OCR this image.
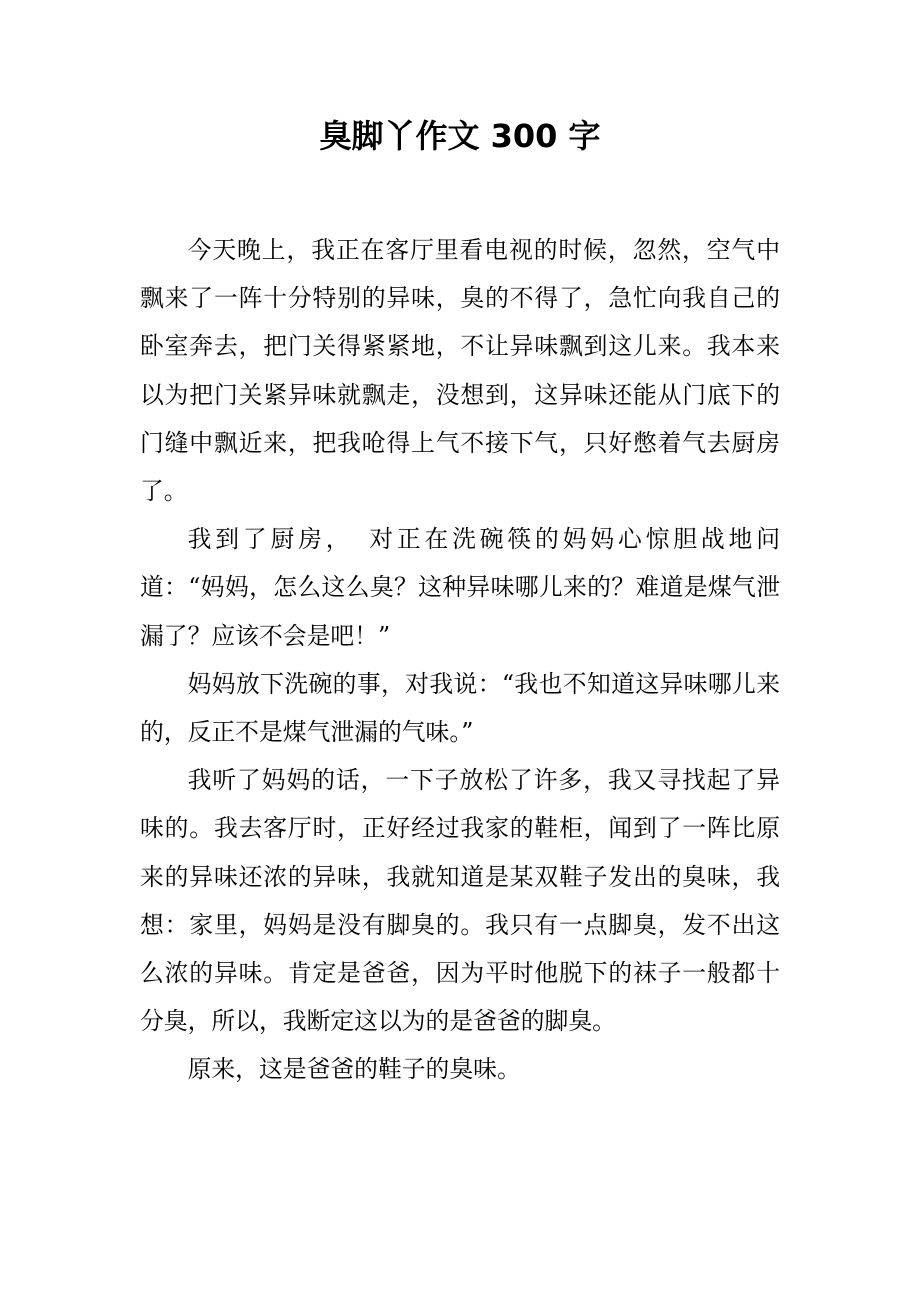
臭脚丫作文 300 字

今天晚上，我正在客厅里看电视的时候，忽然，空气中飘来了一阵十分特别的异味，臭的不得了，急忙向我自己的卧室奔去，把门关得紧紧地，不让异味飘到这儿来。我本来以为把门关紧异味就飘走，没想到，这异味还能从门底下的门缝中飘近来，把我呛得上气不接下气，只好憋着气去厨房了。

我到了厨房，　对正在洗碗筷的妈妈心惊胆战地问道：“妈妈，怎么这么臭？这种异味哪儿来的？难道是煤气泄漏了？应该不会是吧！”

妈妈放下洗碗的事，对我说：“我也不知道这异味哪儿来的，反正不是煤气泄漏的气味。”

我听了妈妈的话，一下子放松了许多，我又寻找起了异味的。我去客厅时，正好经过我家的鞋柜，闻到了一阵比原来的异味还浓的异味，我就知道是某双鞋子发出的臭味，我想：家里，妈妈是没有脚臭的。我只有一点脚臭，发不出这么浓的异味。肯定是爸爸，因为平时他脱下的袜子一般都十分臭，所以，我断定这以为的是爸爸的脚臭。

原来，这是爸爸的鞋子的臭味。
